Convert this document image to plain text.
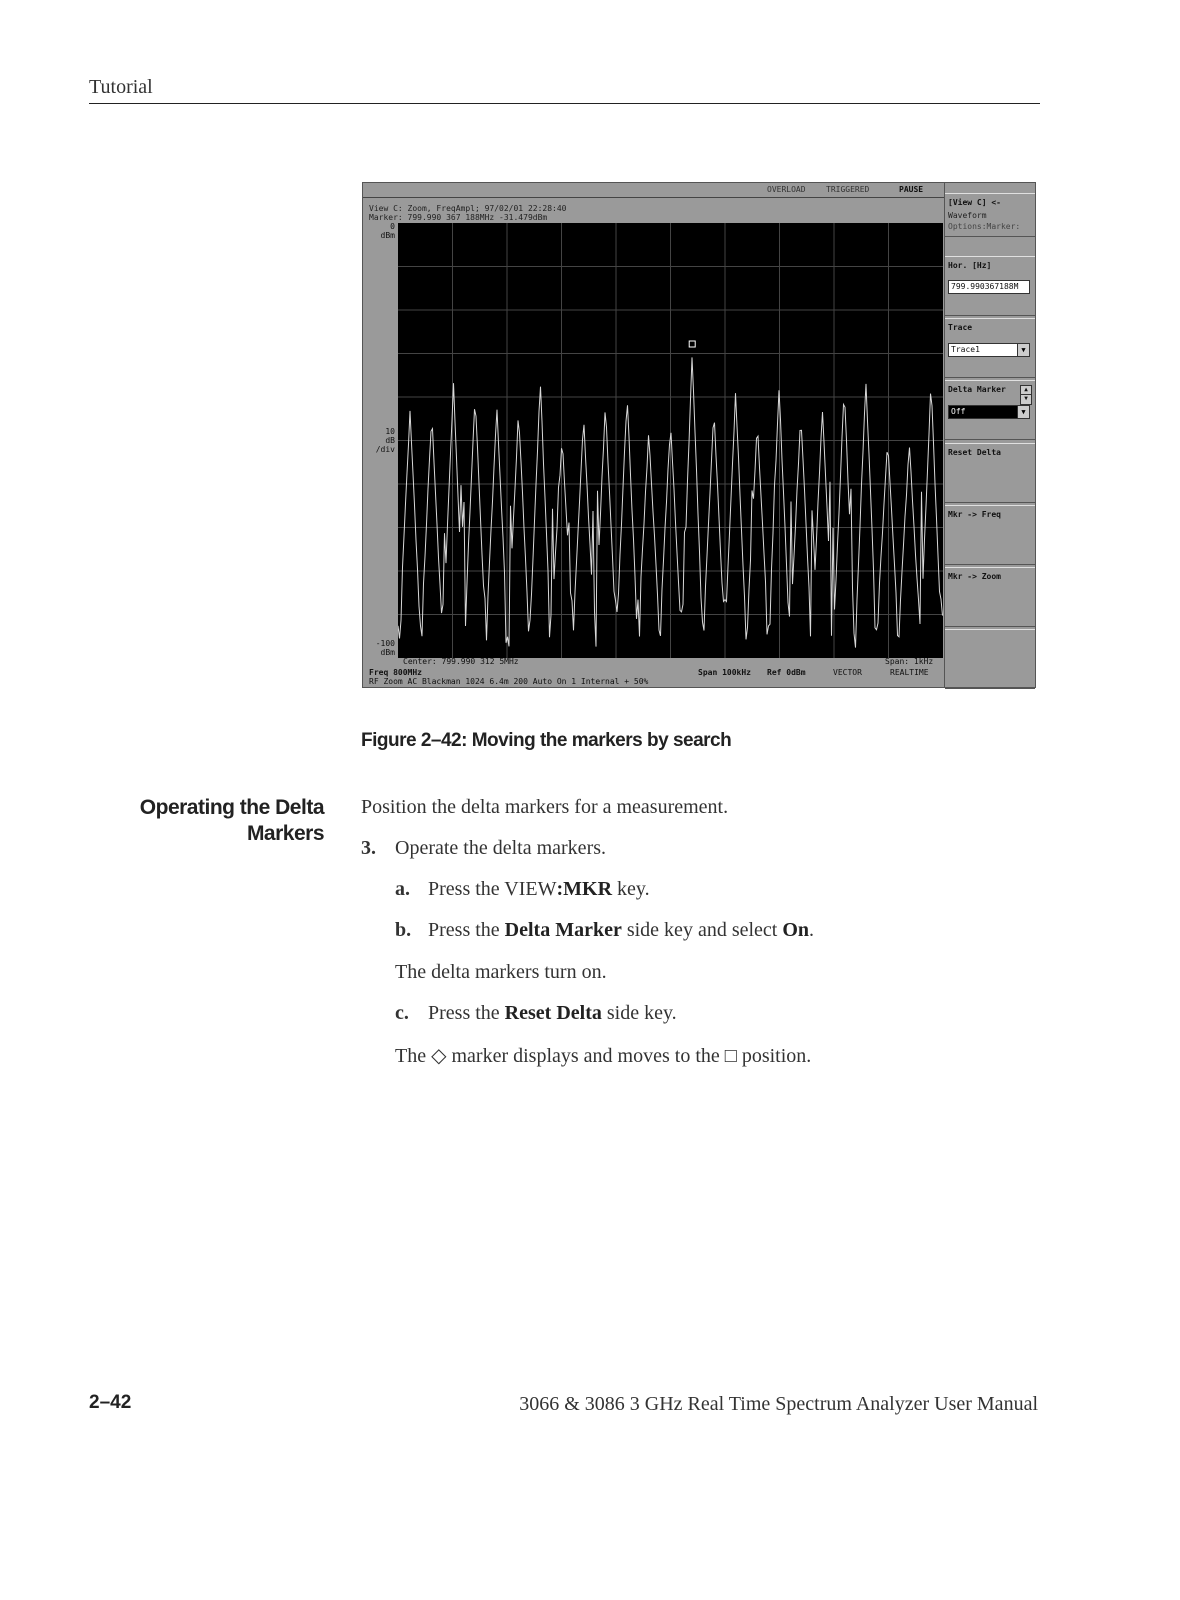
Tutorial
OVERLOAD	TRIGGERED	PAUSE
View C: Zoom, FreqAmpl; 97/02/01 22:28:40
Marker: 799.990 367 188MHz -31.479dBm
0
dBm
10
dB
/div
-100
dBm
Center: 799.990 312 5MHz	Span: 1kHz
Freq 800MHz	Span 100kHz Ref 0dBm	VECTOR	REALTIME
RF Zoom AC Blackman 1024 6.4m 200 Auto On 1 Internal + 50%
[View C] <-
Waveform
Options:Marker:
Hor. [Hz]
799.990367188M
Trace
Trace1	▼
Delta Marker	▲
▼
Off	▼
Reset Delta
Mkr -> Freq
Mkr -> Zoom
Figure 2–42: Moving the markers by search
Operating the Delta
Markers
Position the delta markers for a measurement.
3. Operate the delta markers.
a. Press the VIEW:MKR key.
b. Press the Delta Marker side key and select On.
The delta markers turn on.
c. Press the Reset Delta side key.
The ◇ marker displays and moves to the □ position.
2–42	3066 & 3086 3 GHz Real Time Spectrum Analyzer User Manual
